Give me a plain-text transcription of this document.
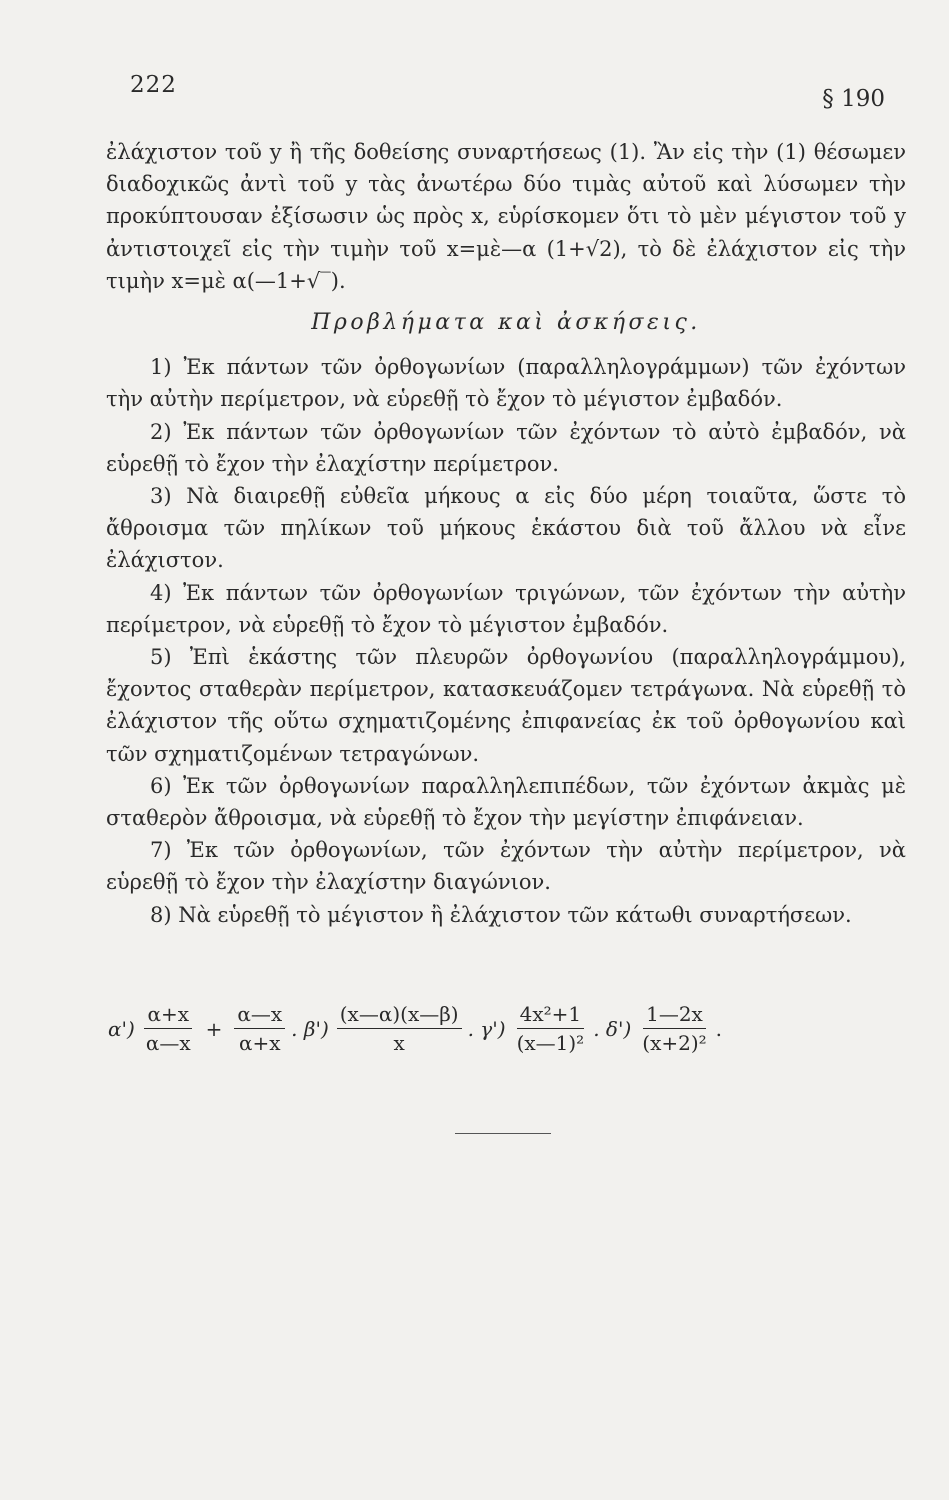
222
§ 190

ἐλάχιστον τοῦ y ἢ τῆς δοθείσης συναρτήσεως (1). Ἂν εἰς τὴν (1) θέσωμεν διαδοχικῶς ἀντὶ τοῦ y τὰς ἀνωτέρω δύο τιμὰς αὐτοῦ καὶ λύσωμεν τὴν προκύπτουσαν ἐξίσωσιν ὡς πρὸς x, εὑρίσκομεν ὅτι τὸ μὲν μέγιστον τοῦ y ἀντιστοιχεῖ εἰς τὴν τιμὴν τοῦ x=μὲ—α (1+√2), τὸ δὲ ἐλάχιστον εἰς τὴν τιμὴν x=μὲ α(—1+√‾).

Προβλήματα καὶ ἀσκήσεις.

1) Ἐκ πάντων τῶν ὀρθογωνίων (παραλληλογράμμων) τῶν ἐχόντων τὴν αὐτὴν περίμετρον, νὰ εὑρεθῇ τὸ ἔχον τὸ μέγιστον ἐμβαδόν.

2) Ἐκ πάντων τῶν ὀρθογωνίων τῶν ἐχόντων τὸ αὐτὸ ἐμβαδόν, νὰ εὑρεθῇ τὸ ἔχον τὴν ἐλαχίστην περίμετρον.

3) Νὰ διαιρεθῇ εὐθεῖα μήκους α εἰς δύο μέρη τοιαῦτα, ὥστε τὸ ἄθροισμα τῶν πηλίκων τοῦ μήκους ἑκάστου διὰ τοῦ ἄλλου νὰ εἶνε ἐλάχιστον.

4) Ἐκ πάντων τῶν ὀρθογωνίων τριγώνων, τῶν ἐχόντων τὴν αὐτὴν περίμετρον, νὰ εὑρεθῇ τὸ ἔχον τὸ μέγιστον ἐμβαδόν.

5) Ἐπὶ ἑκάστης τῶν πλευρῶν ὀρθογωνίου (παραλληλογράμμου), ἔχοντος σταθερὰν περίμετρον, κατασκευάζομεν τετράγωνα. Νὰ εὑρεθῇ τὸ ἐλάχιστον τῆς οὕτω σχηματιζομένης ἐπιφανείας ἐκ τοῦ ὀρθογωνίου καὶ τῶν σχηματιζομένων τετραγώνων.

6) Ἐκ τῶν ὀρθογωνίων παραλληλεπιπέδων, τῶν ἐχόντων ἀκμὰς μὲ σταθερὸν ἄθροισμα, νὰ εὑρεθῇ τὸ ἔχον τὴν μεγίστην ἐπιφάνειαν.

7) Ἐκ τῶν ὀρθογωνίων, τῶν ἐχόντων τὴν αὐτὴν περίμετρον, νὰ εὑρεθῇ τὸ ἔχον τὴν ἐλαχίστην διαγώνιον.

8) Νὰ εὑρεθῇ τὸ μέγιστον ἢ ἐλάχιστον τῶν κάτωθι συναρτήσεων.

$\alpha') \frac{\alpha+x}{\alpha—x} + \frac{\alpha—x}{\alpha+x}$ . $\beta') \frac{(x—\alpha)(x—\beta)}{x}$ . $\gamma') \frac{\text{4x²+1}}{\text{(x—1)²}}$ . $\delta') \frac{1—2x}{\text{(x+2)²}}$ .
